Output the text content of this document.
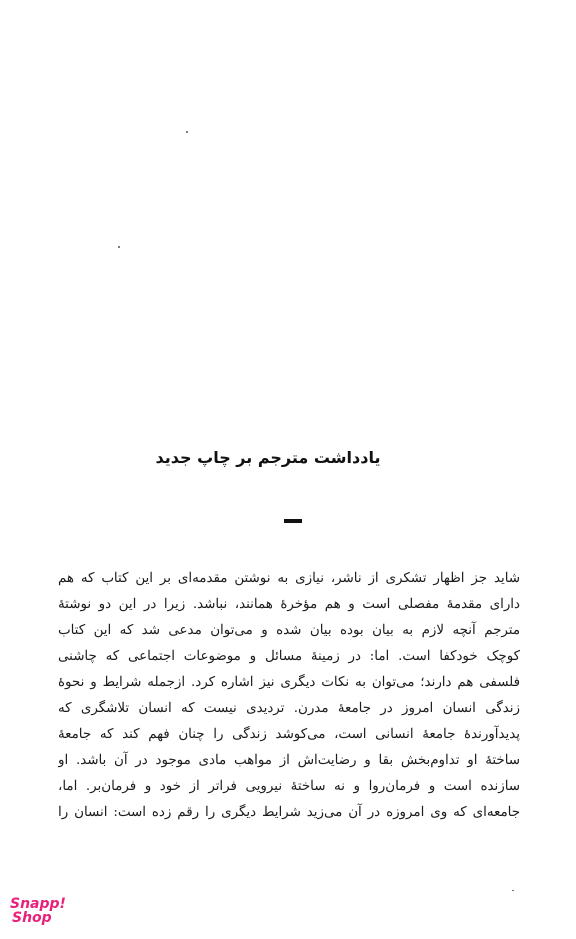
یادداشت مترجم بر چاپ جدید
شاید جز اظهار تشکری از ناشر، نیازی به نوشتن مقدمه‌ای بر این کتاب که هم
دارای مقدمهٔ مفصلی است و هم مؤخرهٔ همانند، نباشد. زیرا در این دو نوشتهٔ
مترجم آنچه لازم به بیان بوده بیان شده و می‌توان مدعی شد که این کتاب
کوچک خودکفا است. اما: در زمینهٔ مسائل و موضوعات اجتماعی که چاشنی
فلسفی هم دارند؛ می‌توان به نکات دیگری نیز اشاره کرد. ازجمله شرایط و نحوهٔ
زندگی انسان امروز در جامعهٔ مدرن. تردیدی نیست که انسان تلاشگری که
پدیدآورندهٔ جامعهٔ انسانی است، می‌کوشد زندگی را چنان فهم کند که جامعهٔ
ساختهٔ او تداوم‌بخش بقا و رضایت‌اش از مواهب مادی موجود در آن باشد. او
سازنده است و فرمان‌روا و نه ساختهٔ نیرویی فراتر از خود و فرمان‌بر. اما،
جامعه‌ای که وی امروزه در آن می‌زید شرایط دیگری را رقم زده است: انسان را
Snapp!
Shop
